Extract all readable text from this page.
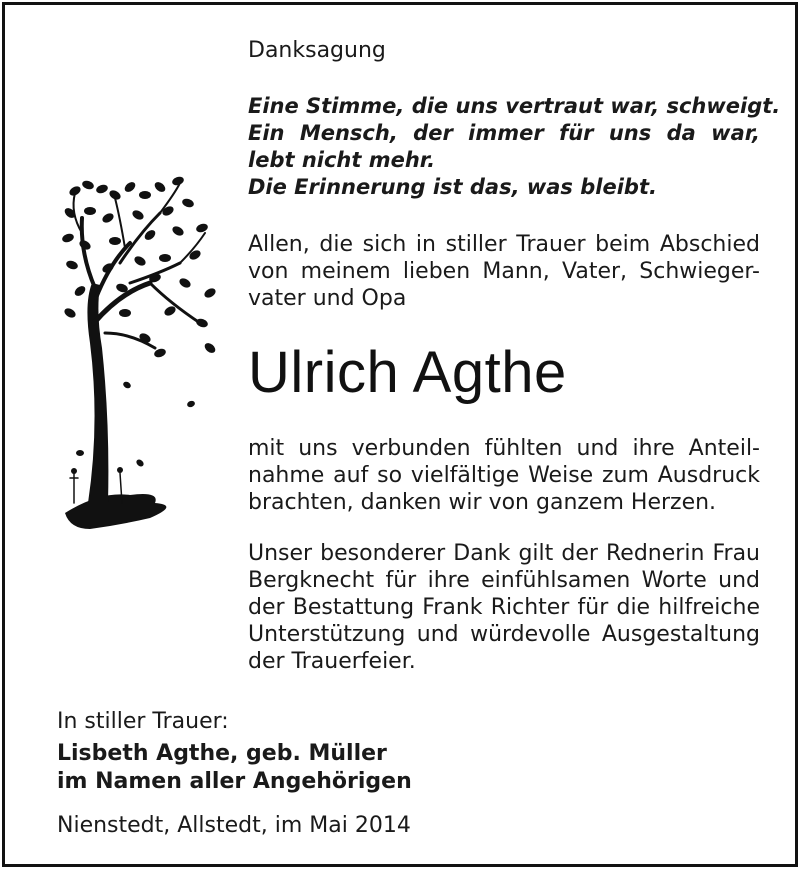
Danksagung
Eine Stimme, die uns vertraut war, schweigt.
Ein Mensch, der immer für uns da war,
lebt nicht mehr.
Die Erinnerung ist das, was bleibt.
Allen, die sich in stiller Trauer beim Abschied
von meinem lieben Mann, Vater, Schwieger-
vater und Opa
Ulrich Agthe
mit uns verbunden fühlten und ihre Anteil-
nahme auf so vielfältige Weise zum Ausdruck
brachten, danken wir von ganzem Herzen.
Unser besonderer Dank gilt der Rednerin Frau
Bergknecht für ihre einfühlsamen Worte und
der Bestattung Frank Richter für die hilfreiche
Unterstützung und würdevolle Ausgestaltung
der Trauerfeier.
In stiller Trauer:
Lisbeth Agthe, geb. Müller
im Namen aller Angehörigen
Nienstedt, Allstedt, im Mai 2014
